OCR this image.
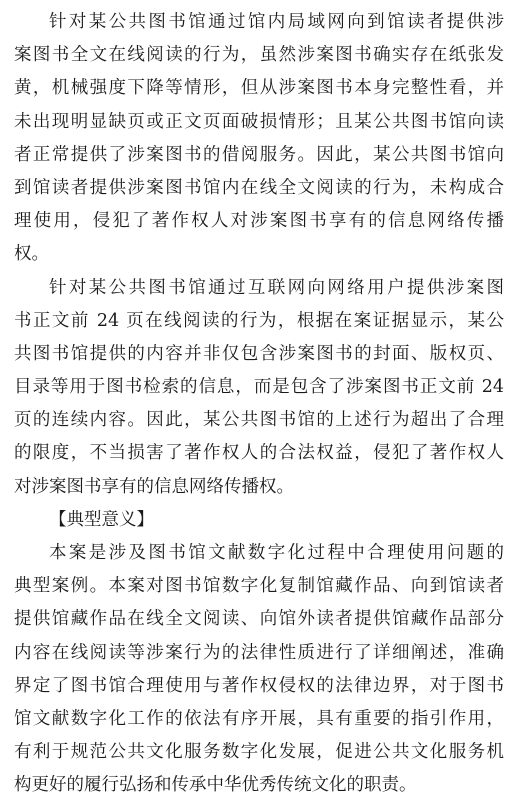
针对某公共图书馆通过馆内局域网向到馆读者提供涉
案图书全文在线阅读的行为，虽然涉案图书确实存在纸张发
黄，机械强度下降等情形，但从涉案图书本身完整性看，并
未出现明显缺页或正文页面破损情形；且某公共图书馆向读
者正常提供了涉案图书的借阅服务。因此，某公共图书馆向
到馆读者提供涉案图书馆内在线全文阅读的行为，未构成合
理使用，侵犯了著作权人对涉案图书享有的信息网络传播
权。
针对某公共图书馆通过互联网向网络用户提供涉案图
书正文前 24 页在线阅读的行为，根据在案证据显示，某公
共图书馆提供的内容并非仅包含涉案图书的封面、版权页、
目录等用于图书检索的信息，而是包含了涉案图书正文前 24
页的连续内容。因此，某公共图书馆的上述行为超出了合理
的限度，不当损害了著作权人的合法权益，侵犯了著作权人
对涉案图书享有的信息网络传播权。
【典型意义】
本案是涉及图书馆文献数字化过程中合理使用问题的
典型案例。本案对图书馆数字化复制馆藏作品、向到馆读者
提供馆藏作品在线全文阅读、向馆外读者提供馆藏作品部分
内容在线阅读等涉案行为的法律性质进行了详细阐述，准确
界定了图书馆合理使用与著作权侵权的法律边界，对于图书
馆文献数字化工作的依法有序开展，具有重要的指引作用，
有利于规范公共文化服务数字化发展，促进公共文化服务机
构更好的履行弘扬和传承中华优秀传统文化的职责。
